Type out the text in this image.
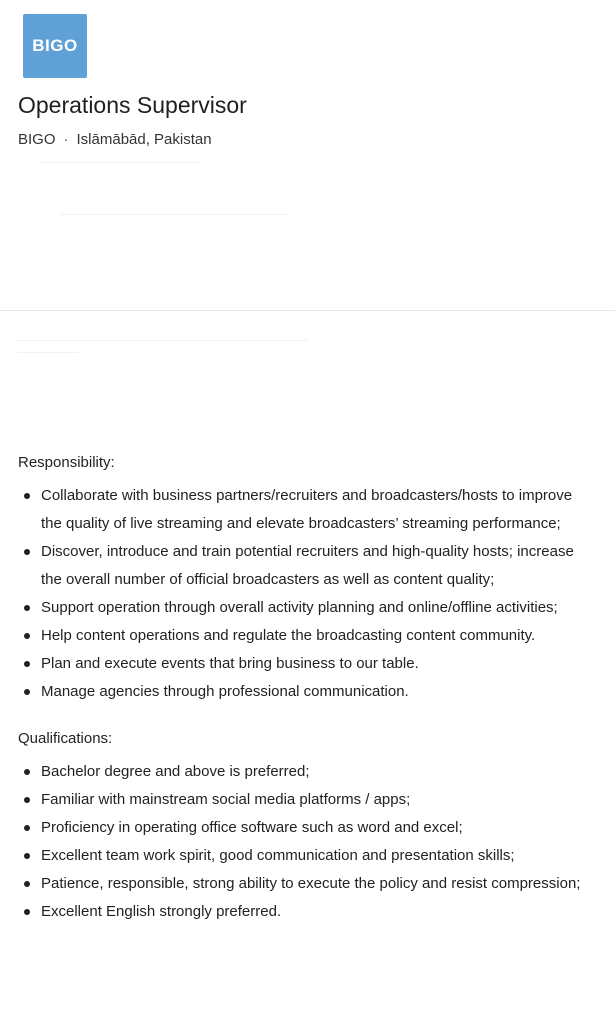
BIGO
Operations Supervisor
BIGO · Islāmābād, Pakistan

Responsibility:

Collaborate with business partners/recruiters and broadcasters/hosts to improve the quality of live streaming and elevate broadcasters’ streaming performance;
Discover, introduce and train potential recruiters and high-quality hosts; increase the overall number of official broadcasters as well as content quality;
Support operation through overall activity planning and online/offline activities;
Help content operations and regulate the broadcasting content community.
Plan and execute events that bring business to our table.
Manage agencies through professional communication.

Qualifications:

Bachelor degree and above is preferred;
Familiar with mainstream social media platforms / apps;
Proficiency in operating office software such as word and excel;
Excellent team work spirit, good communication and presentation skills;
Patience, responsible, strong ability to execute the policy and resist compression;
Excellent English strongly preferred.
